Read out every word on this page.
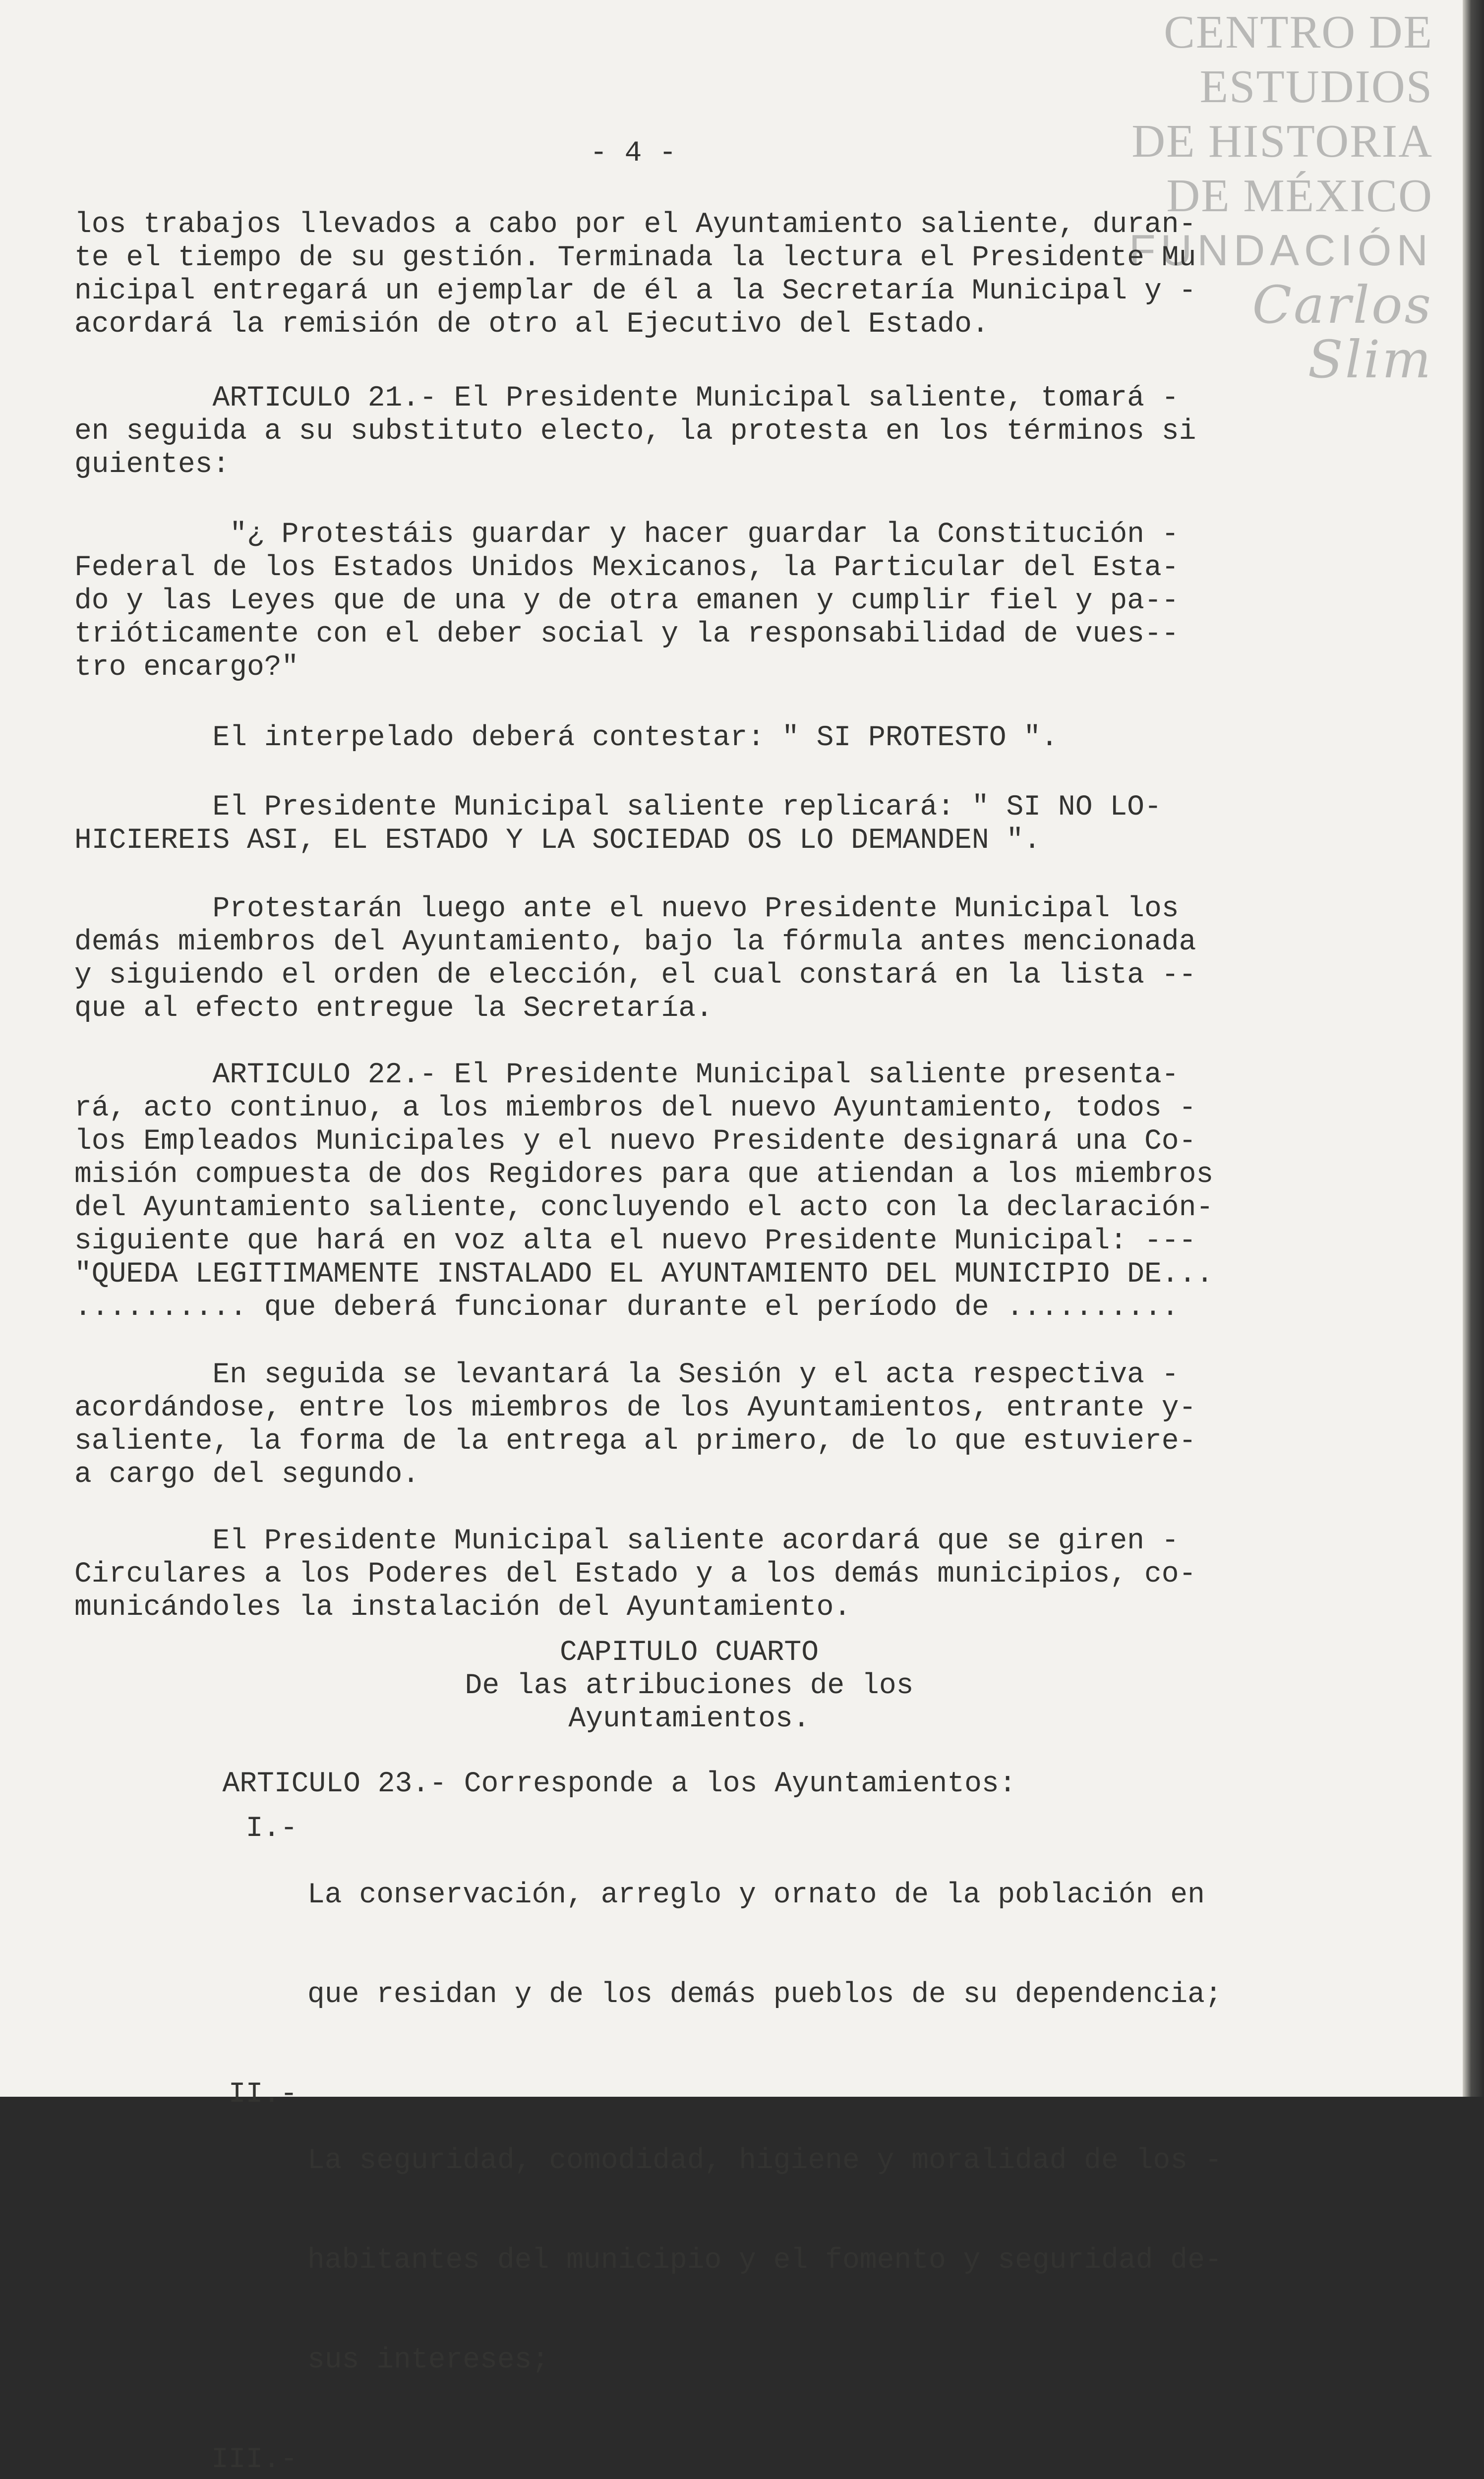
CENTRO DE
ESTUDIOS
DE HISTORIA
DE MÉXICO
FUNDACIÓN
Carlos Slim
- 4 -

los trabajos llevados a cabo por el Ayuntamiento saliente, duran-

te el tiempo de su gestión. Terminada la lectura el Presidente Mu

nicipal entregará un ejemplar de él a la Secretaría Municipal y -

acordará la remisión de otro al Ejecutivo del Estado.

ARTICULO 21.- El Presidente Municipal saliente, tomará -

en seguida a su substituto electo, la protesta en los términos si

guientes:

"¿ Protestáis guardar y hacer guardar la Constitución -

Federal de los Estados Unidos Mexicanos, la Particular del Esta-

do y las Leyes que de una y de otra emanen y cumplir fiel y pa--

trióticamente con el deber social y la responsabilidad de vues--

tro encargo?"

El interpelado deberá contestar: " SI PROTESTO ".

El Presidente Municipal saliente replicará: " SI NO LO-

HICIEREIS ASI, EL ESTADO Y LA SOCIEDAD OS LO DEMANDEN ".

Protestarán luego ante el nuevo Presidente Municipal los

demás miembros del Ayuntamiento, bajo la fórmula antes mencionada

y siguiendo el orden de elección, el cual constará en la lista --

que al efecto entregue la Secretaría.

ARTICULO 22.- El Presidente Municipal saliente presenta-

rá, acto continuo, a los miembros del nuevo Ayuntamiento, todos -

los Empleados Municipales y el nuevo Presidente designará una Co-

misión compuesta de dos Regidores para que atiendan a los miembros

del Ayuntamiento saliente, concluyendo el acto con la declaración-

siguiente que hará en voz alta el nuevo Presidente Municipal: ---

"QUEDA LEGITIMAMENTE INSTALADO EL AYUNTAMIENTO DEL MUNICIPIO DE...

.......... que deberá funcionar durante el período de ..........

En seguida se levantará la Sesión y el acta respectiva -

acordándose, entre los miembros de los Ayuntamientos, entrante y-

saliente, la forma de la entrega al primero, de lo que estuviere-

a cargo del segundo.

El Presidente Municipal saliente acordará que se giren -

Circulares a los Poderes del Estado y a los demás municipios, co-

municándoles la instalación del Ayuntamiento.

CAPITULO CUARTO

De las atribuciones de los

Ayuntamientos.

ARTICULO 23.- Corresponde a los Ayuntamientos:

I.-

La conservación, arreglo y ornato de la población en

que residan y de los demás pueblos de su dependencia;

II.-

La seguridad, comodidad, higiene y moralidad de los -

habitantes del municipio y el fomento y seguridad de-

sus intereses;

III.-
